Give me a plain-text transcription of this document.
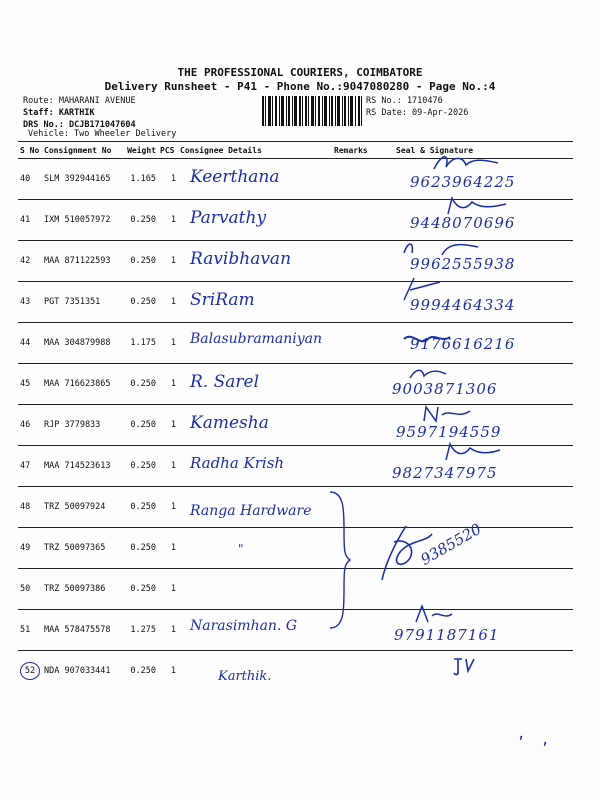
THE PROFESSIONAL COURIERS, COIMBATORE
Delivery Runsheet - P41 - Phone No.:9047080280 - Page No.:4
Route: MAHARANI AVENUE
Staff: KARTHIK
DRS No.: DCJB171047604
RS No.: 1710476
RS Date: 09-Apr-2026
Vehicle: Two Wheeler Delivery
S No	Consignment No	Weight	PCS	Consignee Details	Remarks	Seal & Signature
40	SLM 392944165	1.165	1	Keerthana		9623964225

41	IXM 510057972	0.250	1	Parvathy		9448070696

42	MAA 871122593	0.250	1	Ravibhavan		9962555938

43	PGT 7351351	0.250	1	SriRam		9994464334

44	MAA 304879988	1.175	1	Balasubramaniyan		9176616216

45	MAA 716623865	0.250	1	R. Sarel		9003871306

46	RJP 3779833	0.250	1	Kamesha		9597194559

47	MAA 714523613	0.250	1	Radha Krish		9827347975

48	TRZ 50097924	0.250	1	Ranga Hardware		

49	TRZ 50097365	0.250	1	"		

50	TRZ 50097386	0.250	1			
51	MAA 578475578	1.275	1	Narasimhan. G		9791187161

52	NDA 907033441	0.250	1	Karthik.

9385520
, ,
